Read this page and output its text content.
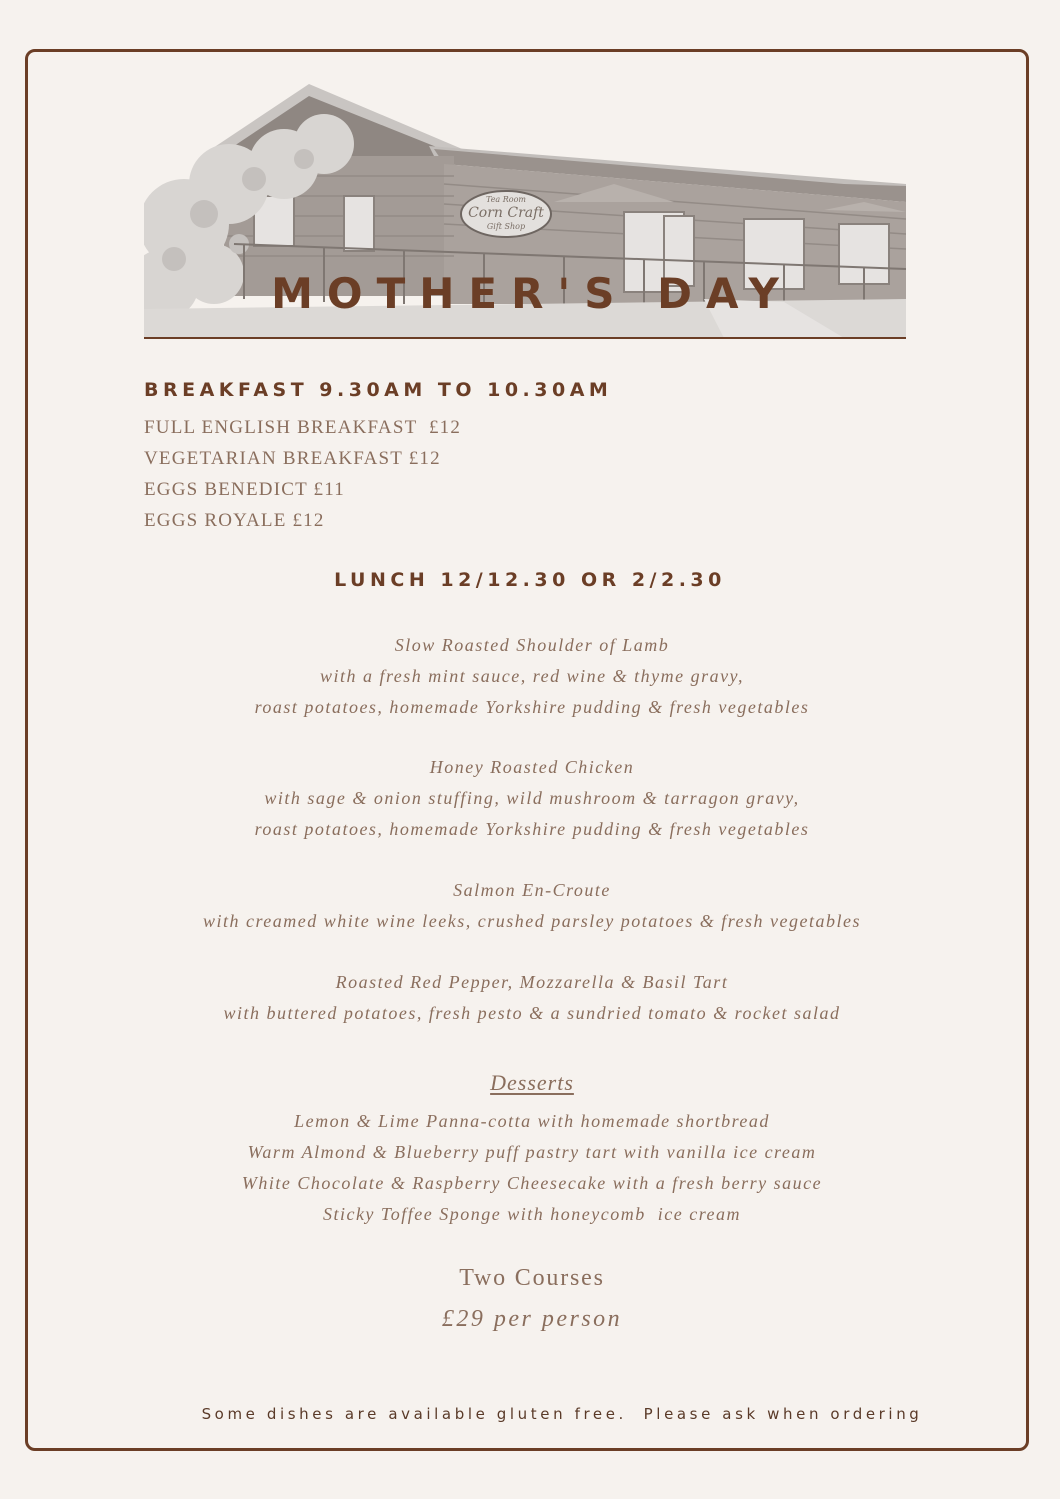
Tea Room
Corn Craft
Gift Shop
MOTHER'S DAY
BREAKFAST 9.30AM TO 10.30AM
FULL ENGLISH BREAKFAST  £12
VEGETARIAN BREAKFAST £12
EGGS BENEDICT £11
EGGS ROYALE £12
LUNCH 12/12.30 OR 2/2.30
Slow Roasted Shoulder of Lamb
with a fresh mint sauce, red wine & thyme gravy,
roast potatoes, homemade Yorkshire pudding & fresh vegetables
Honey Roasted Chicken
with sage & onion stuffing, wild mushroom & tarragon gravy,
roast potatoes, homemade Yorkshire pudding & fresh vegetables
Salmon En-Croute
with creamed white wine leeks, crushed parsley potatoes & fresh vegetables
Roasted Red Pepper, Mozzarella & Basil Tart
with buttered potatoes, fresh pesto & a sundried tomato & rocket salad
Desserts
Lemon & Lime Panna-cotta with homemade shortbread
Warm Almond & Blueberry puff pastry tart with vanilla ice cream
White Chocolate & Raspberry Cheesecake with a fresh berry sauce
Sticky Toffee Sponge with honeycomb  ice cream
Two Courses
£29 per person
Some dishes are available gluten free.  Please ask when ordering
